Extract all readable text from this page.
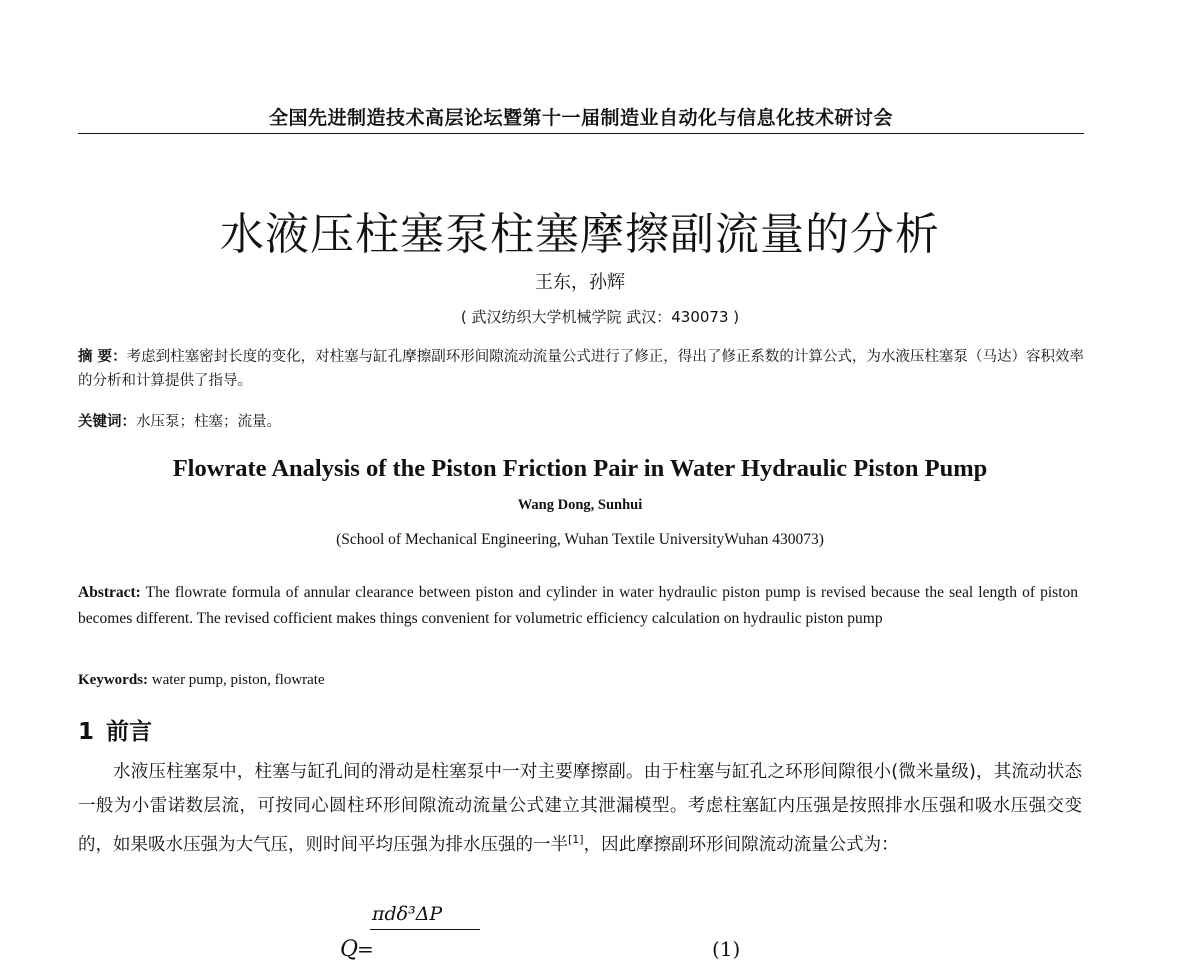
全国先进制造技术高层论坛暨第十一届制造业自动化与信息化技术研讨会
水液压柱塞泵柱塞摩擦副流量的分析
王东，孙辉
( 武汉纺织大学机械学院 武汉：430073 )
摘 要：考虑到柱塞密封长度的变化，对柱塞与缸孔摩擦副环形间隙流动流量公式进行了修正，得出了修正系数的计算公式，为水液压柱塞泵（马达）容积效率的分析和计算提供了指导。
关键词：水压泵；柱塞；流量。
Flowrate Analysis of the Piston Friction Pair in Water Hydraulic Piston Pump
Wang Dong, Sunhui
(School of Mechanical Engineering, Wuhan Textile UniversityWuhan 430073)
Abstract: The flowrate formula of annular clearance between piston and cylinder in water hydraulic piston pump is revised because the seal length of piston becomes different. The revised cofficient makes things convenient for volumetric efficiency calculation on hydraulic piston pump
Keywords: water pump, piston, flowrate
1 前言

水液压柱塞泵中，柱塞与缸孔间的滑动是柱塞泵中一对主要摩擦副。由于柱塞与缸孔之环形间隙很小(微米量级)，其流动状态一般为小雷诺数层流，可按同心圆柱环形间隙流动流量公式建立其泄漏模型。考虑柱塞缸内压强是按照排水压强和吸水压强交变的，如果吸水压强为大气压，则时间平均压强为排水压强的一半[1]，因此摩擦副环形间隙流动流量公式为：

Q
=
πdδ³ΔP
(1)
